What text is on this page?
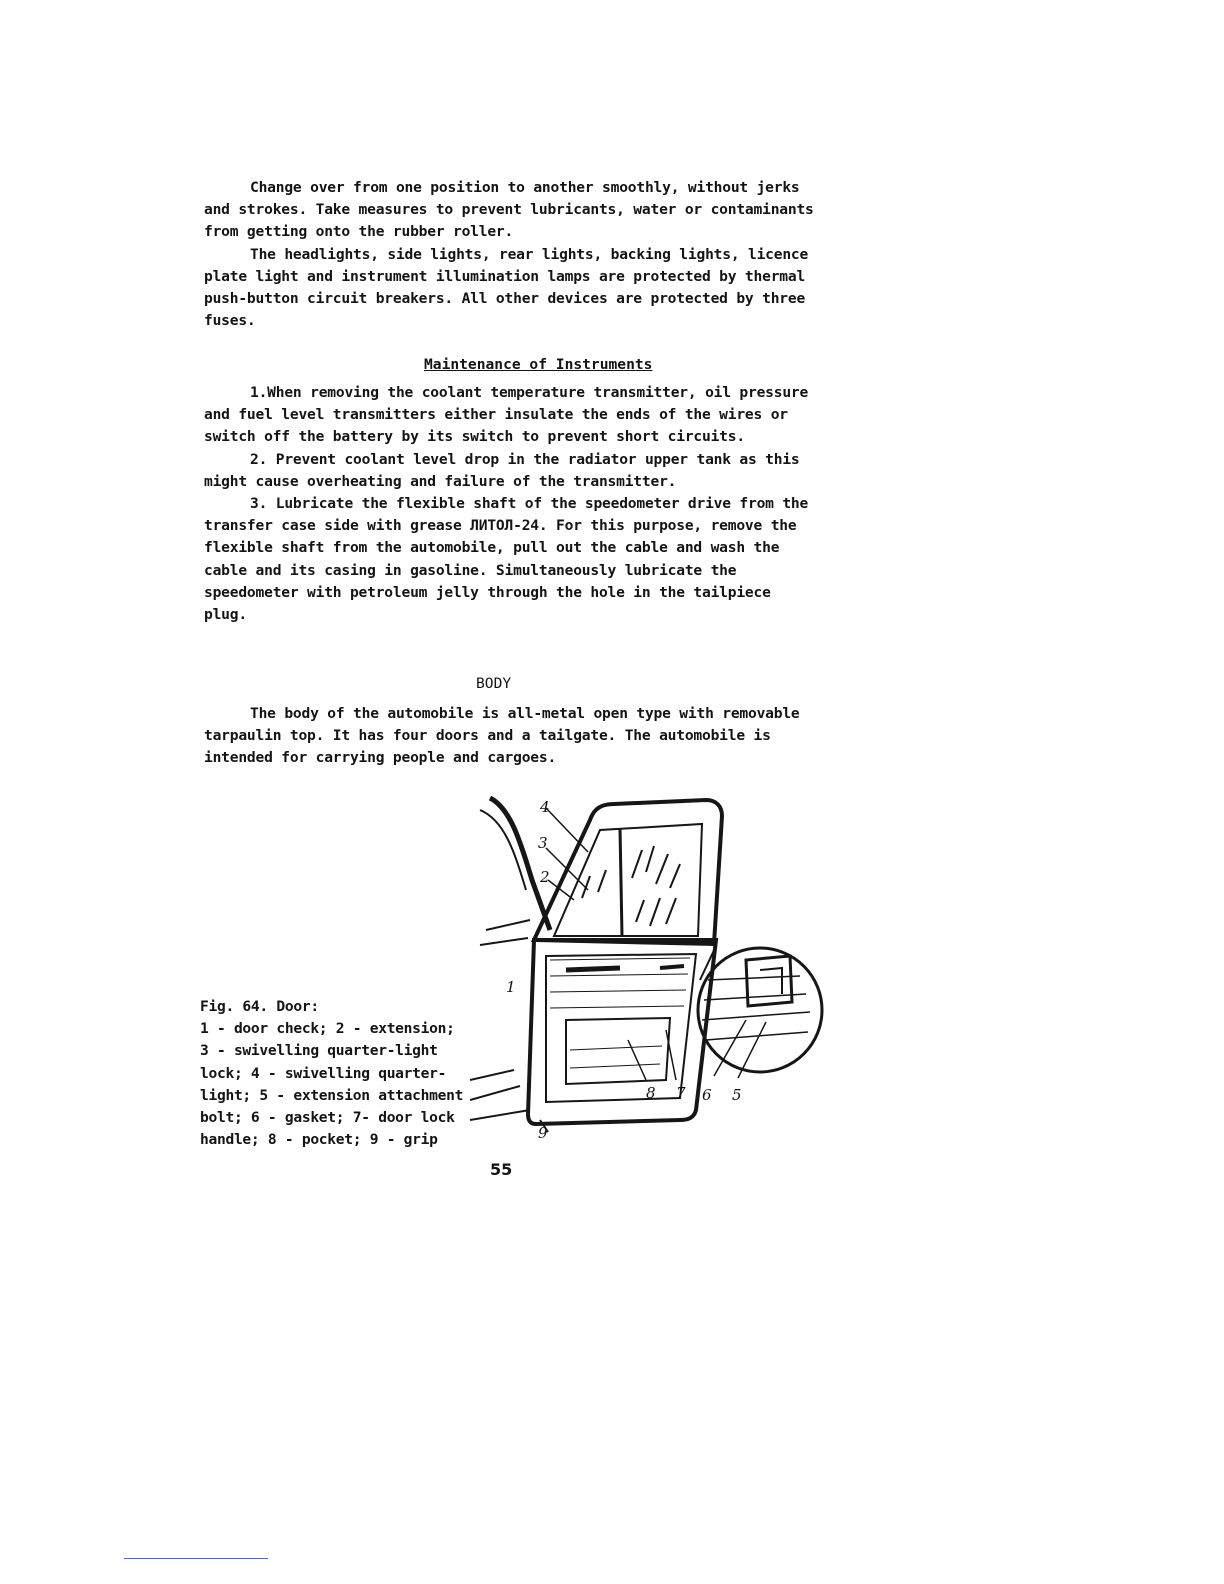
Change over from one position to another smoothly, without jerks and strokes. Take measures to prevent lubricants, water or contaminants from getting onto the rubber roller.

The headlights, side lights, rear lights, backing lights, licence plate light and instrument illumination lamps are protected by thermal push-button circuit breakers. All other devices are protected by three fuses.

Maintenance of Instruments

1.When removing the coolant temperature transmitter, oil pressure and fuel level transmitters either insulate the ends of the wires or switch off the battery by its switch to prevent short circuits.

2. Prevent coolant level drop in the radiator upper tank as this might cause overheating and failure of the transmitter.

3. Lubricate the flexible shaft of the speedometer drive from the transfer case side with grease ЛИТОЛ-24. For this purpose, remove the flexible shaft from the automobile, pull out the cable and wash the cable and its casing in gasoline. Simultaneously lubricate the speedometer with petroleum jelly through the hole in the tailpiece plug.

BODY

The body of the automobile is all-metal open type with removable tarpaulin top. It has four doors and a tailgate. The automobile is intended for carrying people and cargoes.

4
3
2
1
8 7 6 5
9
Fig. 64. Door:
1 - door check; 2 - extension;
3 - swivelling quarter-light
lock; 4 - swivelling quarter-
light; 5 - extension attachment
bolt; 6 - gasket; 7- door lock
handle; 8 - pocket; 9 - grip
55
